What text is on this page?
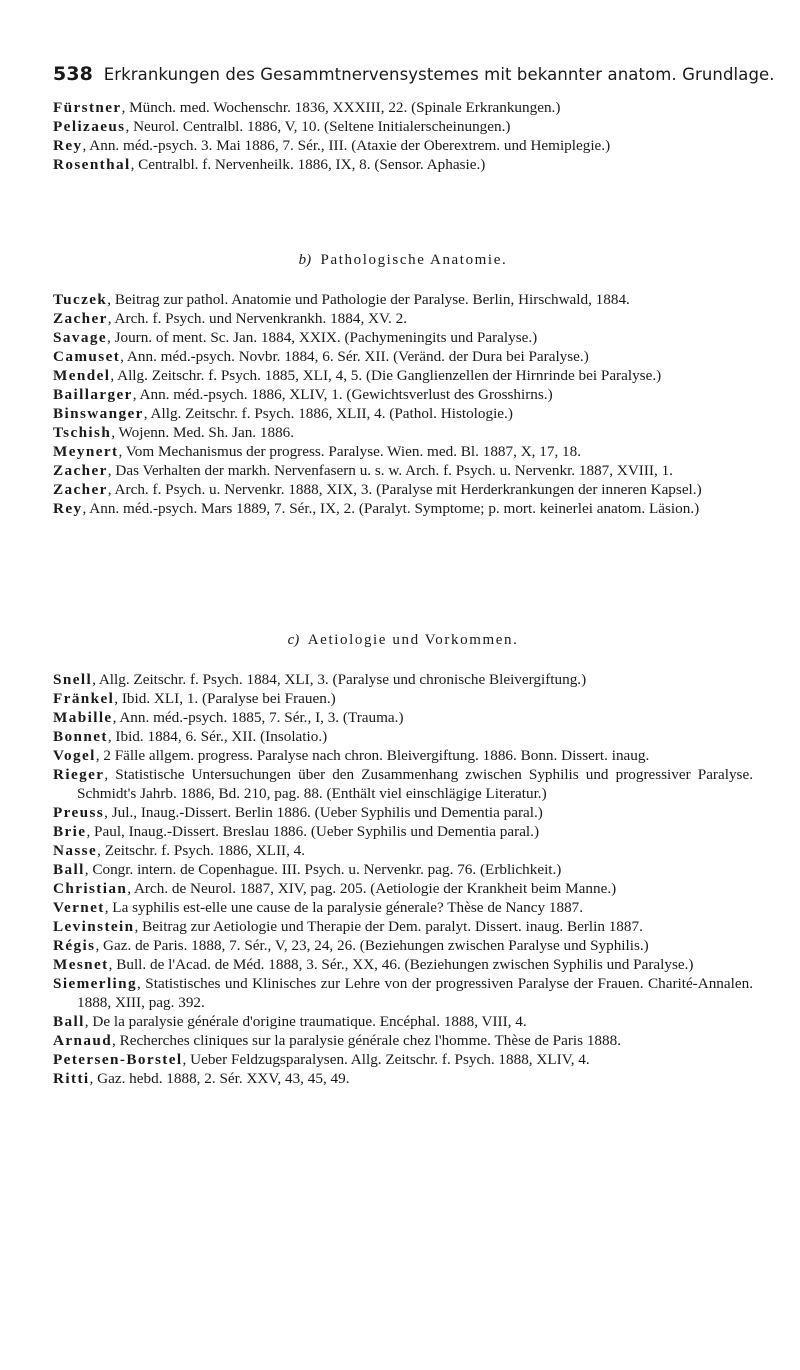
538 Erkrankungen des Gesammtnervensystemes mit bekannter anatom. Grundlage.
Fürstner, Münch. med. Wochenschr. 1836, XXXIII, 22. (Spinale Erkrankungen.)
Pelizaeus, Neurol. Centralbl. 1886, V, 10. (Seltene Initialerscheinungen.)
Rey, Ann. méd.-psych. 3. Mai 1886, 7. Sér., III. (Ataxie der Oberextrem. und Hemiplegie.)
Rosenthal, Centralbl. f. Nervenheilk. 1886, IX, 8. (Sensor. Aphasie.)
b) Pathologische Anatomie.
Tuczek, Beitrag zur pathol. Anatomie und Pathologie der Paralyse. Berlin, Hirschwald, 1884.
Zacher, Arch. f. Psych. und Nervenkrankh. 1884, XV. 2.
Savage, Journ. of ment. Sc. Jan. 1884, XXIX. (Pachymeningits und Paralyse.)
Camuset, Ann. méd.-psych. Novbr. 1884, 6. Sér. XII. (Veränd. der Dura bei Paralyse.)
Mendel, Allg. Zeitschr. f. Psych. 1885, XLI, 4, 5. (Die Ganglienzellen der Hirnrinde bei Paralyse.)
Baillarger, Ann. méd.-psych. 1886, XLIV, 1. (Gewichtsverlust des Grosshirns.)
Binswanger, Allg. Zeitschr. f. Psych. 1886, XLII, 4. (Pathol. Histologie.)
Tschish, Wojenn. Med. Sh. Jan. 1886.
Meynert, Vom Mechanismus der progress. Paralyse. Wien. med. Bl. 1887, X, 17, 18.
Zacher, Das Verhalten der markh. Nervenfasern u. s. w. Arch. f. Psych. u. Nervenkr. 1887, XVIII, 1.
Zacher, Arch. f. Psych. u. Nervenkr. 1888, XIX, 3. (Paralyse mit Herderkrankungen der inneren Kapsel.)
Rey, Ann. méd.-psych. Mars 1889, 7. Sér., IX, 2. (Paralyt. Symptome; p. mort. keinerlei anatom. Läsion.)
c) Aetiologie und Vorkommen.
Snell, Allg. Zeitschr. f. Psych. 1884, XLI, 3. (Paralyse und chronische Bleivergiftung.)
Fränkel, Ibid. XLI, 1. (Paralyse bei Frauen.)
Mabille, Ann. méd.-psych. 1885, 7. Sér., I, 3. (Trauma.)
Bonnet, Ibid. 1884, 6. Sér., XII. (Insolatio.)
Vogel, 2 Fälle allgem. progress. Paralyse nach chron. Bleivergiftung. 1886. Bonn. Dissert. inaug.
Rieger, Statistische Untersuchungen über den Zusammenhang zwischen Syphilis und progressiver Paralyse. Schmidt's Jahrb. 1886, Bd. 210, pag. 88. (Enthält viel einschlägige Literatur.)
Preuss, Jul., Inaug.-Dissert. Berlin 1886. (Ueber Syphilis und Dementia paral.)
Brie, Paul, Inaug.-Dissert. Breslau 1886. (Ueber Syphilis und Dementia paral.)
Nasse, Zeitschr. f. Psych. 1886, XLII, 4.
Ball, Congr. intern. de Copenhague. III. Psych. u. Nervenkr. pag. 76. (Erblichkeit.)
Christian, Arch. de Neurol. 1887, XIV, pag. 205. (Aetiologie der Krankheit beim Manne.)
Vernet, La syphilis est-elle une cause de la paralysie génerale? Thèse de Nancy 1887.
Levinstein, Beitrag zur Aetiologie und Therapie der Dem. paralyt. Dissert. inaug. Berlin 1887.
Régis, Gaz. de Paris. 1888, 7. Sér., V, 23, 24, 26. (Beziehungen zwischen Paralyse und Syphilis.)
Mesnet, Bull. de l'Acad. de Méd. 1888, 3. Sér., XX, 46. (Beziehungen zwischen Syphilis und Paralyse.)
Siemerling, Statistisches und Klinisches zur Lehre von der progressiven Paralyse der Frauen. Charité-Annalen. 1888, XIII, pag. 392.
Ball, De la paralysie générale d'origine traumatique. Encéphal. 1888, VIII, 4.
Arnaud, Recherches cliniques sur la paralysie générale chez l'homme. Thèse de Paris 1888.
Petersen-Borstel, Ueber Feldzugsparalysen. Allg. Zeitschr. f. Psych. 1888, XLIV, 4.
Ritti, Gaz. hebd. 1888, 2. Sér. XXV, 43, 45, 49.
